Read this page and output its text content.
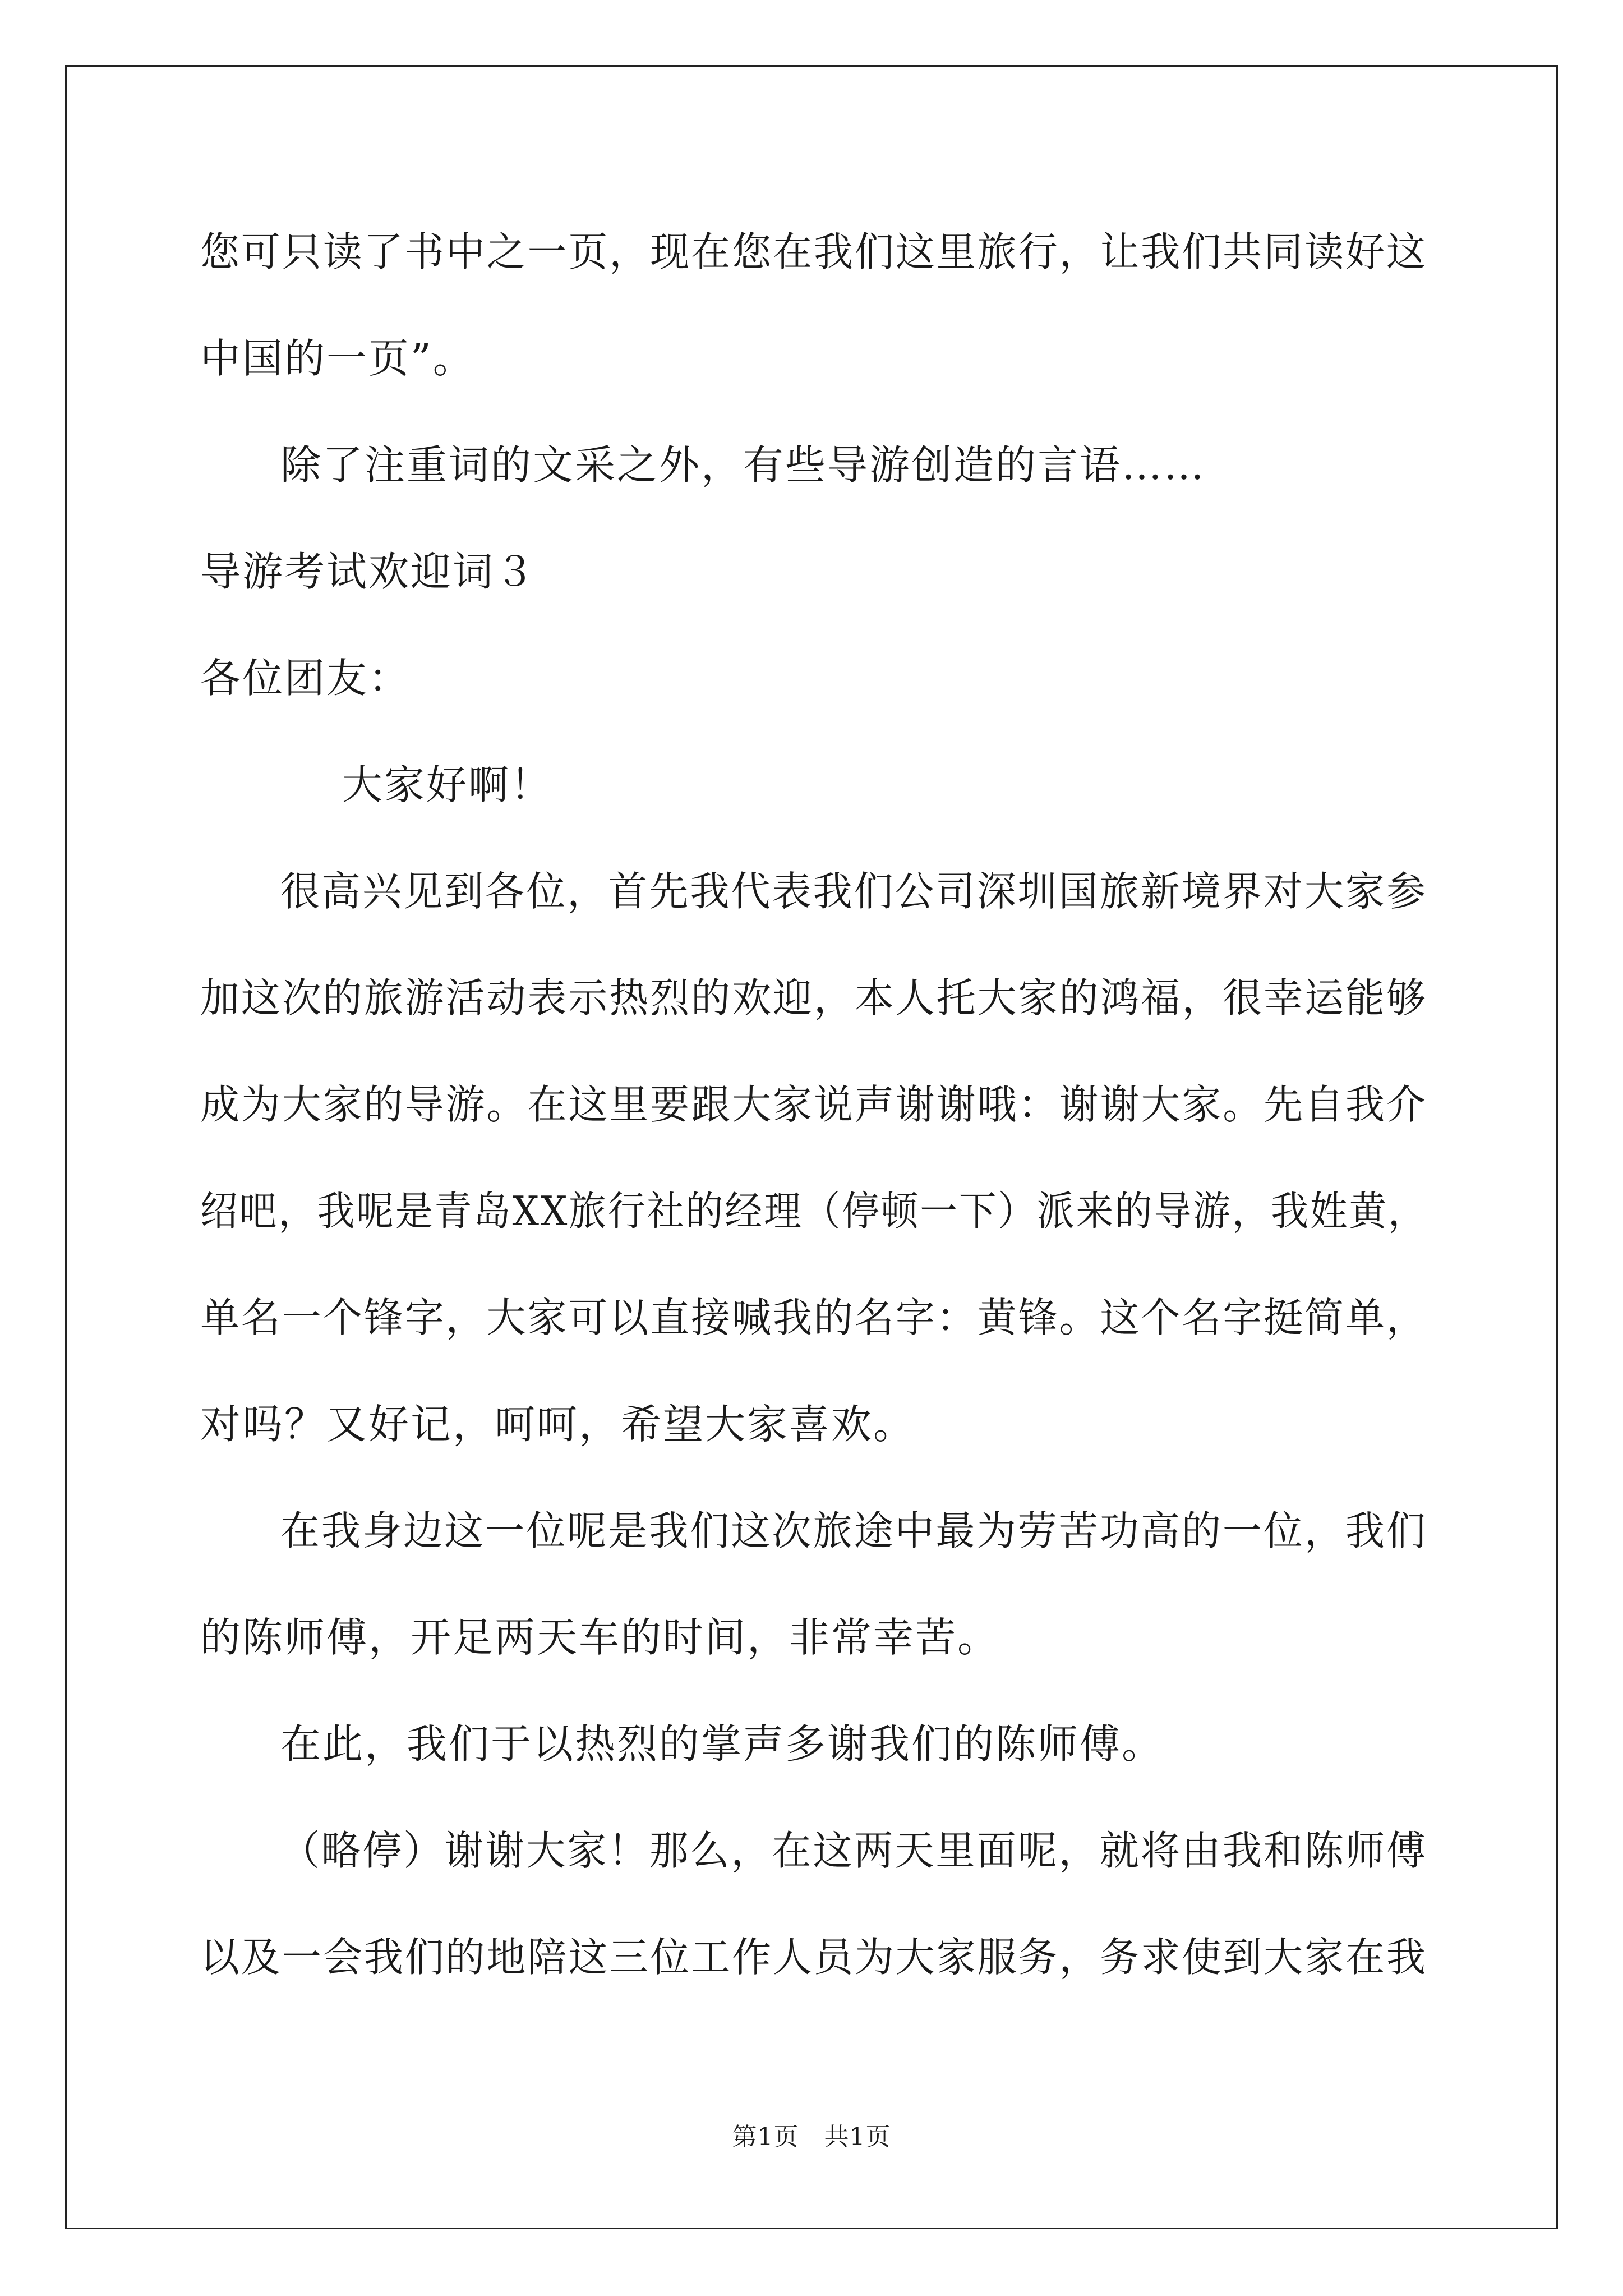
您可只读了书中之一页，现在您在我们这里旅行，让我们共同读好这
中国的一页”。
除了注重词的文采之外，有些导游创造的言语……
导游考试欢迎词３
各位团友：
大家好啊！
很高兴见到各位，首先我代表我们公司深圳国旅新境界对大家参
加这次的旅游活动表示热烈的欢迎，本人托大家的鸿福，很幸运能够
成为大家的导游。在这里要跟大家说声谢谢哦：谢谢大家。先自我介
绍吧，我呢是青岛XX旅行社的经理（停顿一下）派来的导游，我姓黄，
单名一个锋字，大家可以直接喊我的名字：黄锋。这个名字挺简单，
对吗？又好记，呵呵，希望大家喜欢。
在我身边这一位呢是我们这次旅途中最为劳苦功高的一位，我们
的陈师傅，开足两天车的时间，非常幸苦。
在此，我们于以热烈的掌声多谢我们的陈师傅。
（略停）谢谢大家！那么，在这两天里面呢，就将由我和陈师傅
以及一会我们的地陪这三位工作人员为大家服务，务求使到大家在我
第1页　共1页
